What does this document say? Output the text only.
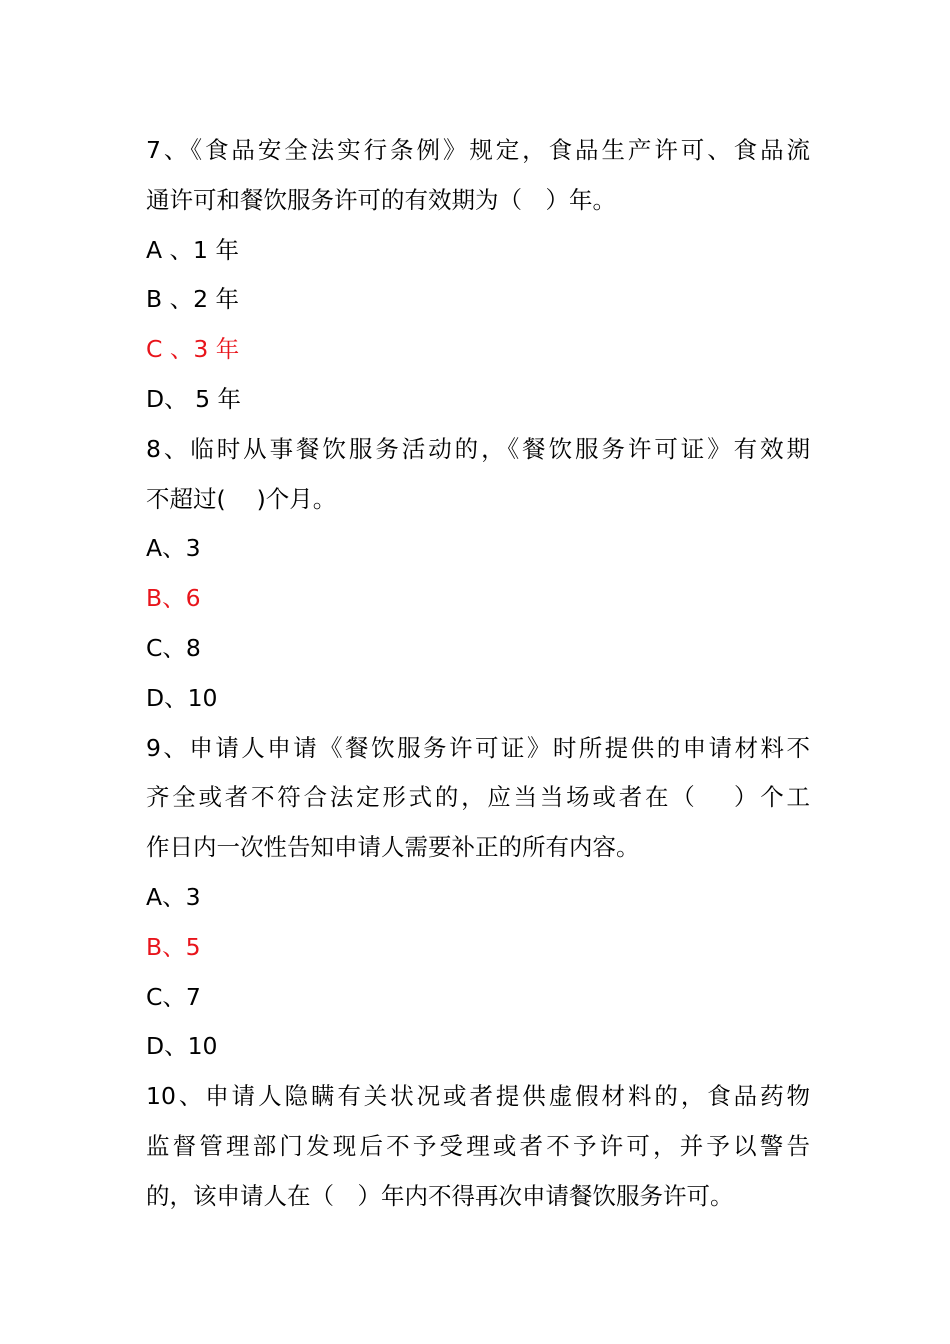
7、《食品安全法实行条例》规定，食品生产许可、食品流
通许可和餐饮服务许可的有效期为（　）年。
A 、1 年
B 、2 年
C 、3 年
D、 5 年
8、临时从事餐饮服务活动的，《餐饮服务许可证》有效期
不超过(　 )个月。
A、3
B、6
C、8
D、10
9、申请人申请《餐饮服务许可证》时所提供的申请材料不
齐全或者不符合法定形式的，应当当场或者在（　 ）个工
作日内一次性告知申请人需要补正的所有内容。
A、3
B、5
C、7
D、10
10、申请人隐瞒有关状况或者提供虚假材料的，食品药物
监督管理部门发现后不予受理或者不予许可，并予以警告
的，该申请人在（　）年内不得再次申请餐饮服务许可。
